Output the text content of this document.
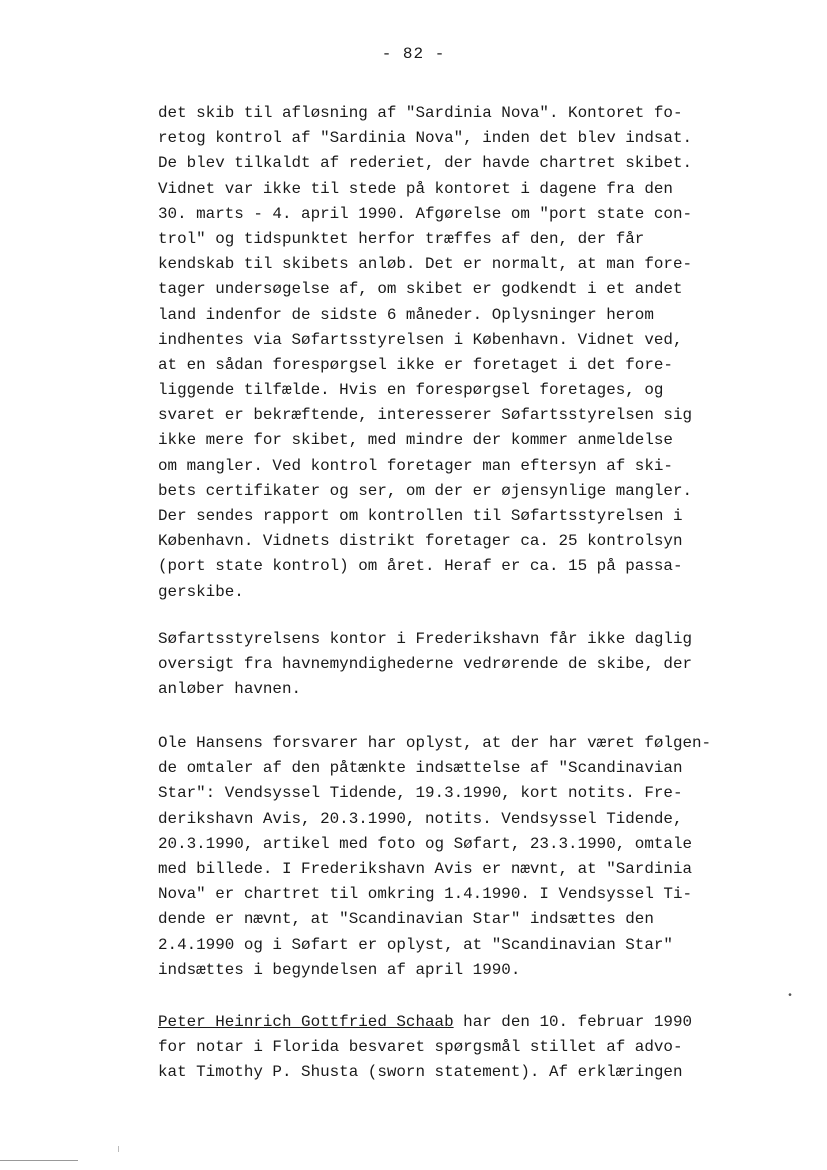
- 82 -
det skib til afløsning af "Sardinia Nova". Kontoret fo-
retog kontrol af "Sardinia Nova", inden det blev indsat.
De blev tilkaldt af rederiet, der havde chartret skibet.
Vidnet var ikke til stede på kontoret i dagene fra den
30. marts - 4. april 1990. Afgørelse om "port state con-
trol" og tidspunktet herfor træffes af den, der får
kendskab til skibets anløb. Det er normalt, at man fore-
tager undersøgelse af, om skibet er godkendt i et andet
land indenfor de sidste 6 måneder. Oplysninger herom
indhentes via Søfartsstyrelsen i København. Vidnet ved,
at en sådan forespørgsel ikke er foretaget i det fore-
liggende tilfælde. Hvis en forespørgsel foretages, og
svaret er bekræftende, interesserer Søfartsstyrelsen sig
ikke mere for skibet, med mindre der kommer anmeldelse
om mangler. Ved kontrol foretager man eftersyn af ski-
bets certifikater og ser, om der er øjensynlige mangler.
Der sendes rapport om kontrollen til Søfartsstyrelsen i
København. Vidnets distrikt foretager ca. 25 kontrolsyn
(port state kontrol) om året. Heraf er ca. 15 på passa-
gerskibe.
Søfartsstyrelsens kontor i Frederikshavn får ikke daglig
oversigt fra havnemyndighederne vedrørende de skibe, der
anløber havnen.
Ole Hansens forsvarer har oplyst, at der har været følgen-
de omtaler af den påtænkte indsættelse af "Scandinavian
Star": Vendsyssel Tidende, 19.3.1990, kort notits. Fre-
derikshavn Avis, 20.3.1990, notits. Vendsyssel Tidende,
20.3.1990, artikel med foto og Søfart, 23.3.1990, omtale
med billede. I Frederikshavn Avis er nævnt, at "Sardinia
Nova" er chartret til omkring 1.4.1990. I Vendsyssel Ti-
dende er nævnt, at "Scandinavian Star" indsættes den
2.4.1990 og i Søfart er oplyst, at "Scandinavian Star"
indsættes i begyndelsen af april 1990.
Peter Heinrich Gottfried Schaab har den 10. februar 1990
for notar i Florida besvaret spørgsmål stillet af advo-
kat Timothy P. Shusta (sworn statement). Af erklæringen
•
